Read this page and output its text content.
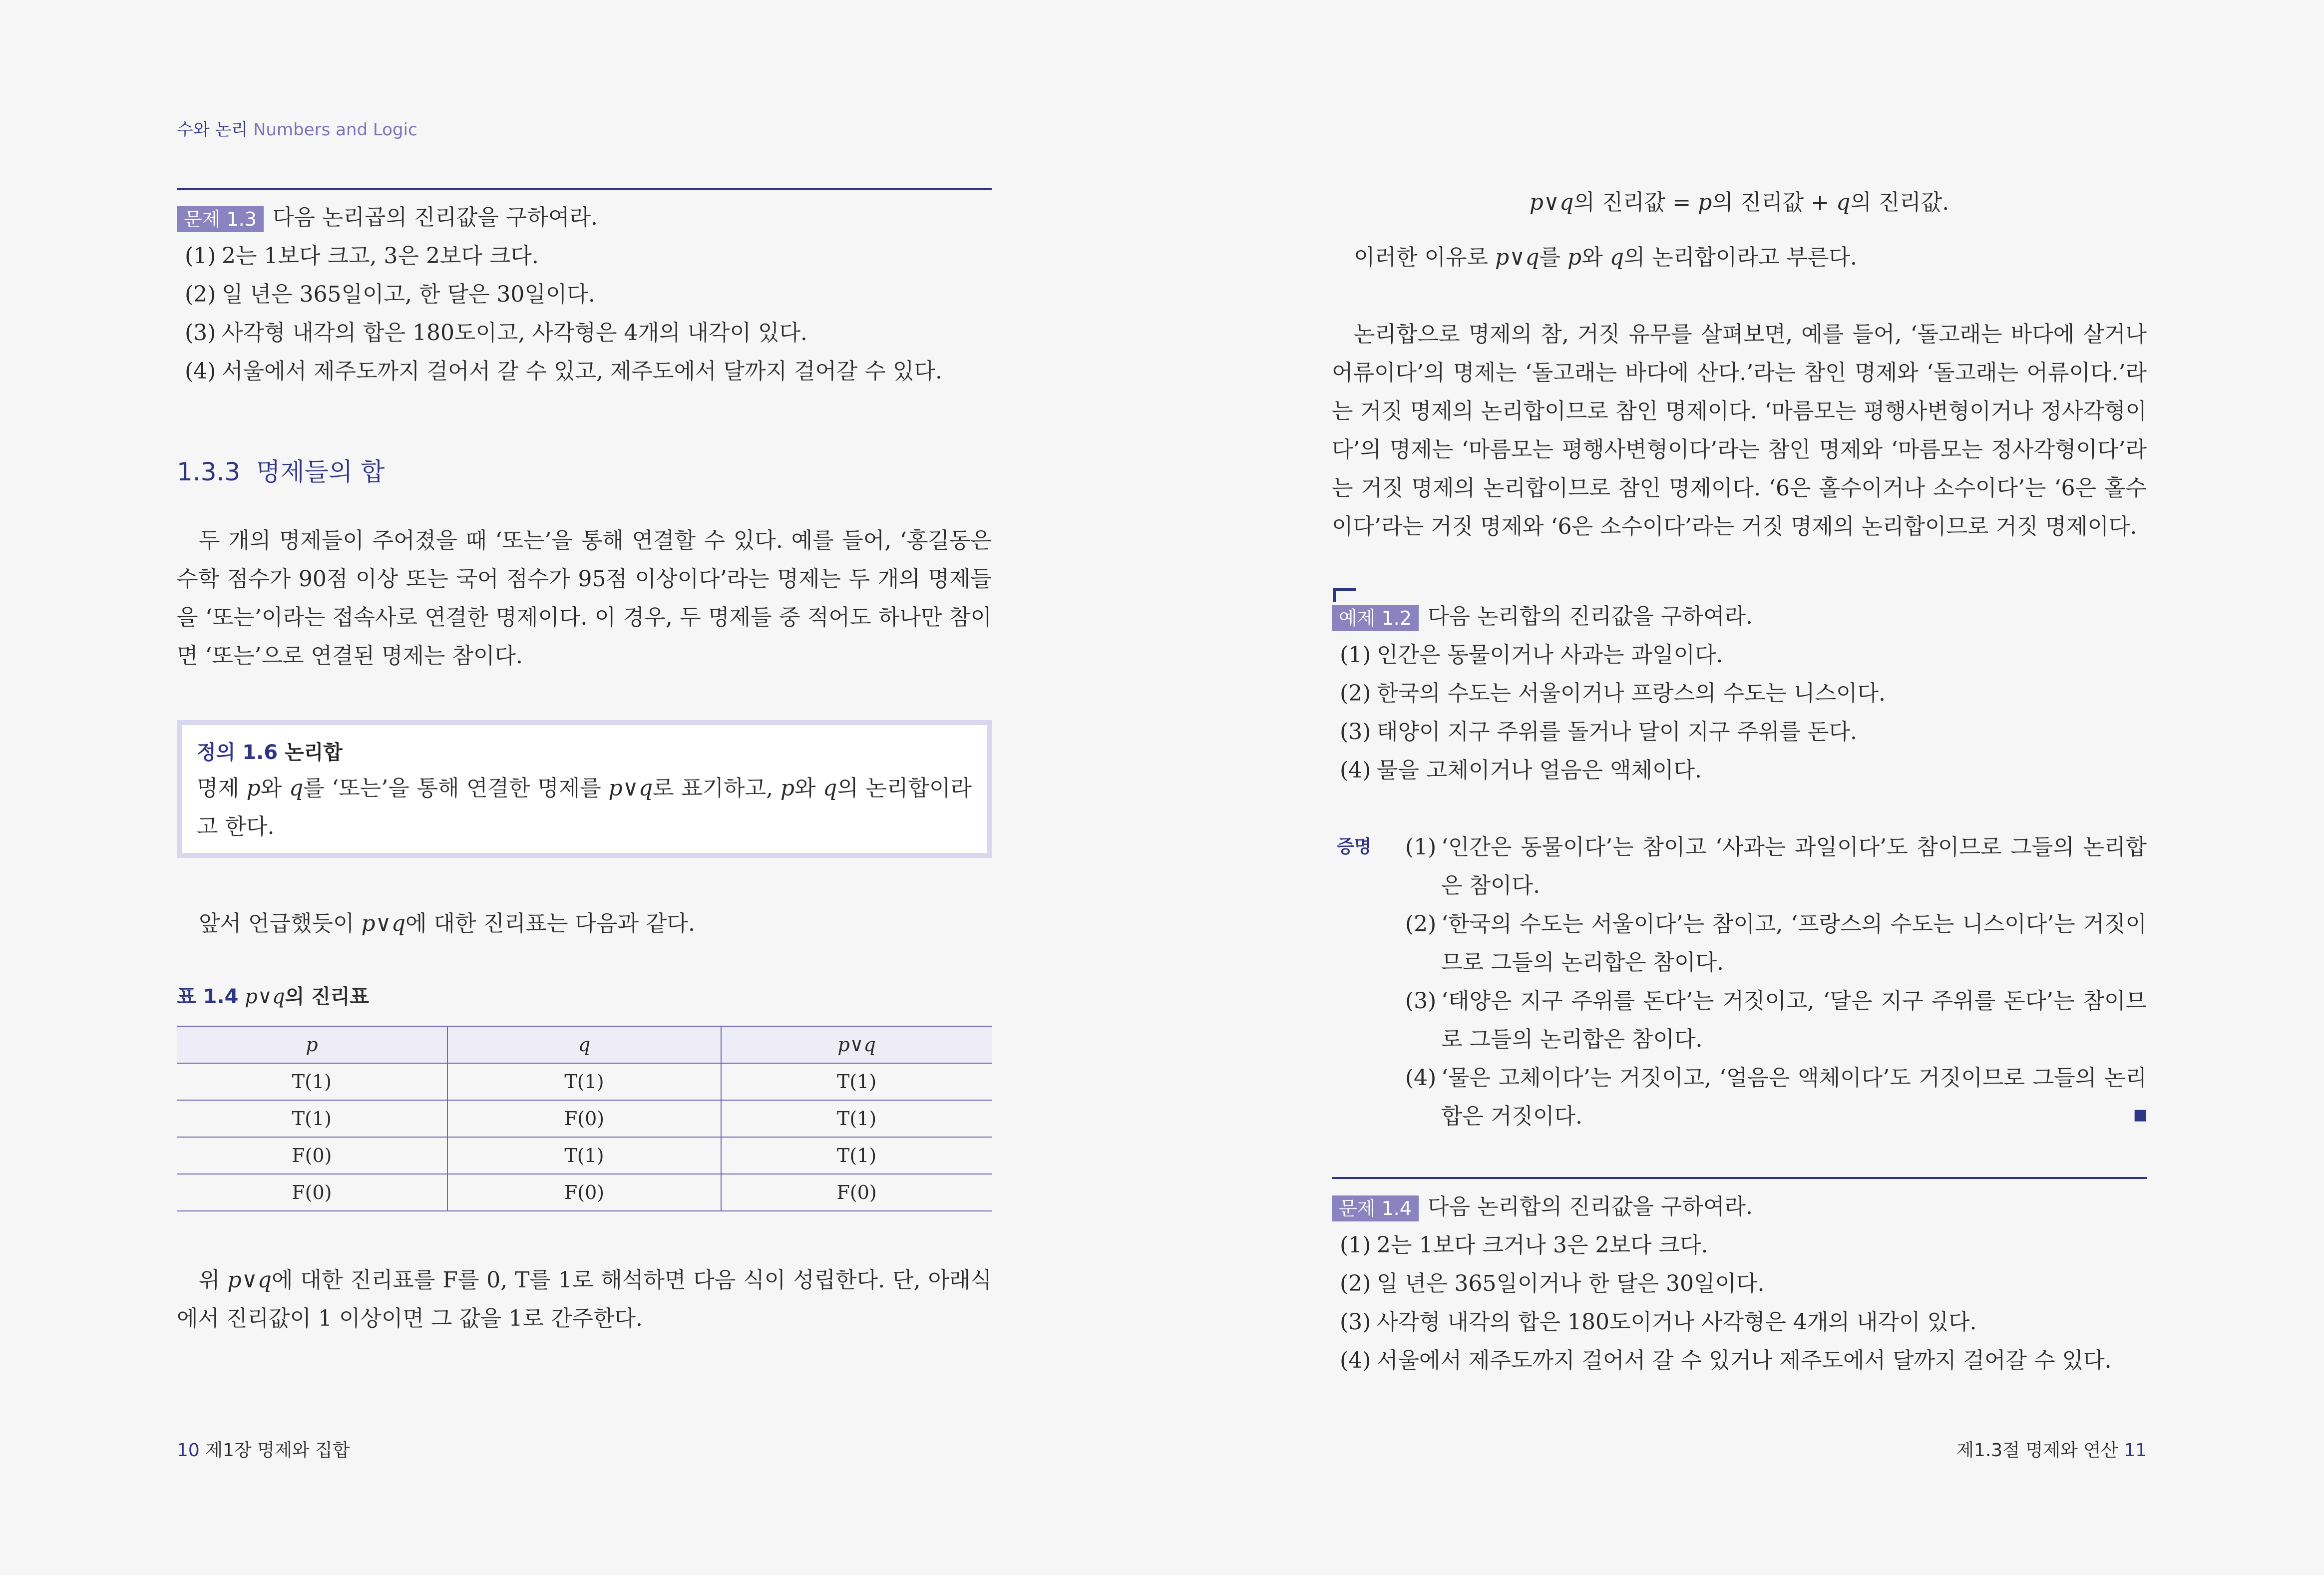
수와 논리 Numbers and Logic
문제 1.3 다음 논리곱의 진리값을 구하여라.
(1) 2는 1보다 크고, 3은 2보다 크다.
(2) 일 년은 365일이고, 한 달은 30일이다.
(3) 사각형 내각의 합은 180도이고, 사각형은 4개의 내각이 있다.
(4) 서울에서 제주도까지 걸어서 갈 수 있고, 제주도에서 달까지 걸어갈 수 있다.
1.3.3 명제들의 합
두 개의 명제들이 주어졌을 때 ‘또는’을 통해 연결할 수 있다. 예를 들어, ‘홍길동은 수학 점수가 90점 이상 또는 국어 점수가 95점 이상이다’라는 명제는 두 개의 명제들을 ‘또는’이라는 접속사로 연결한 명제이다. 이 경우, 두 명제들 중 적어도 하나만 참이면 ‘또는’으로 연결된 명제는 참이다.
정의 1.6 논리합
명제 p와 q를 ‘또는’을 통해 연결한 명제를 p∨q로 표기하고, p와 q의 논리합이라고 한다.
앞서 언급했듯이 p∨q에 대한 진리표는 다음과 같다.
표 1.4 p∨q의 진리표
p	q	p∨q
T(1)	T(1)	T(1)
T(1)	F(0)	T(1)
F(0)	T(1)	T(1)
F(0)	F(0)	F(0)
위 p∨q에 대한 진리표를 F를 0, T를 1로 해석하면 다음 식이 성립한다. 단, 아래식에서 진리값이 1 이상이면 그 값을 1로 간주한다.
10 제1장 명제와 집합
p∨q의 진리값 = p의 진리값 + q의 진리값.
이러한 이유로 p∨q를 p와 q의 논리합이라고 부른다.
논리합으로 명제의 참, 거짓 유무를 살펴보면, 예를 들어, ‘돌고래는 바다에 살거나 어류이다’의 명제는 ‘돌고래는 바다에 산다.’라는 참인 명제와 ‘돌고래는 어류이다.’라는 거짓 명제의 논리합이므로 참인 명제이다. ‘마름모는 평행사변형이거나 정사각형이다’의 명제는 ‘마름모는 평행사변형이다’라는 참인 명제와 ‘마름모는 정사각형이다’라는 거짓 명제의 논리합이므로 참인 명제이다. ‘6은 홀수이거나 소수이다’는 ‘6은 홀수이다’라는 거짓 명제와 ‘6은 소수이다’라는 거짓 명제의 논리합이므로 거짓 명제이다.
예제 1.2 다음 논리합의 진리값을 구하여라.
(1) 인간은 동물이거나 사과는 과일이다.
(2) 한국의 수도는 서울이거나 프랑스의 수도는 니스이다.
(3) 태양이 지구 주위를 돌거나 달이 지구 주위를 돈다.
(4) 물을 고체이거나 얼음은 액체이다.
증명 (1) ‘인간은 동물이다’는 참이고 ‘사과는 과일이다’도 참이므로 그들의 논리합은 참이다.
(2) ‘한국의 수도는 서울이다’는 참이고, ‘프랑스의 수도는 니스이다’는 거짓이므로 그들의 논리합은 참이다.
(3) ‘태양은 지구 주위를 돈다’는 거짓이고, ‘달은 지구 주위를 돈다’는 참이므로 그들의 논리합은 참이다.
(4) ‘물은 고체이다’는 거짓이고, ‘얼음은 액체이다’도 거짓이므로 그들의 논리합은 거짓이다.	■
문제 1.4 다음 논리합의 진리값을 구하여라.
(1) 2는 1보다 크거나 3은 2보다 크다.
(2) 일 년은 365일이거나 한 달은 30일이다.
(3) 사각형 내각의 합은 180도이거나 사각형은 4개의 내각이 있다.
(4) 서울에서 제주도까지 걸어서 갈 수 있거나 제주도에서 달까지 걸어갈 수 있다.
제1.3절 명제와 연산 11
